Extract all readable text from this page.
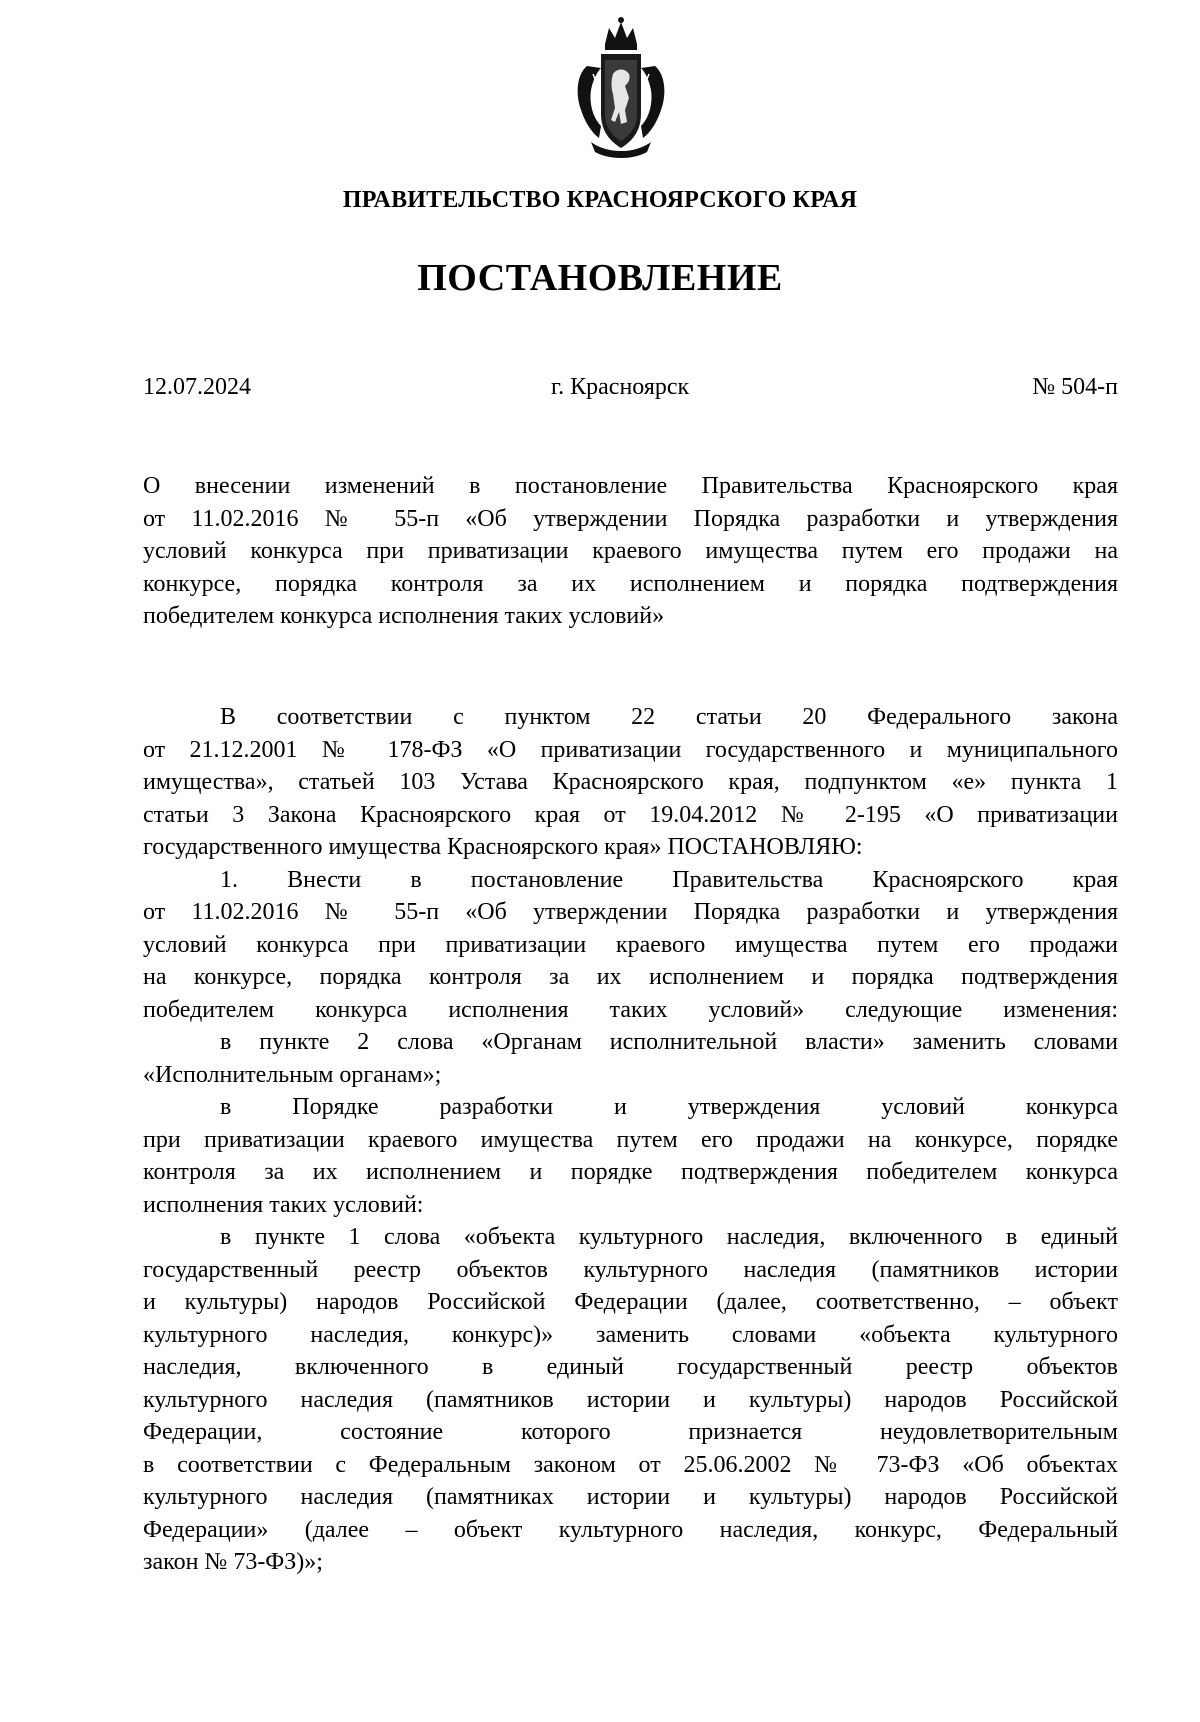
ПРАВИТЕЛЬСТВО КРАСНОЯРСКОГО КРАЯ
ПОСТАНОВЛЕНИЕ
12.07.2024	г. Красноярск	№ 504-п
О внесении изменений в постановление Правительства Красноярского края
от 11.02.2016 № 55-п «Об утверждении Порядка разработки и утверждения
условий конкурса при приватизации краевого имущества путем его продажи на
конкурсе, порядка контроля за их исполнением и порядка подтверждения
победителем конкурса исполнения таких условий»
В соответствии с пунктом 22 статьи 20 Федерального закона
от 21.12.2001 № 178-ФЗ «О приватизации государственного и муниципального
имущества», статьей 103 Устава Красноярского края, подпунктом «е» пункта 1
статьи 3 Закона Красноярского края от 19.04.2012 № 2-195 «О приватизации
государственного имущества Красноярского края» ПОСТАНОВЛЯЮ:
1. Внести в постановление Правительства Красноярского края
от 11.02.2016 № 55-п «Об утверждении Порядка разработки и утверждения
условий конкурса при приватизации краевого имущества путем его продажи
на конкурсе, порядка контроля за их исполнением и порядка подтверждения
победителем конкурса исполнения таких условий» следующие изменения:
в пункте 2 слова «Органам исполнительной власти» заменить словами
«Исполнительным органам»;
в Порядке разработки и утверждения условий конкурса
при приватизации краевого имущества путем его продажи на конкурсе, порядке
контроля за их исполнением и порядке подтверждения победителем конкурса
исполнения таких условий:
в пункте 1 слова «объекта культурного наследия, включенного в единый
государственный реестр объектов культурного наследия (памятников истории
и культуры) народов Российской Федерации (далее, соответственно, – объект
культурного наследия, конкурс)» заменить словами «объекта культурного
наследия, включенного в единый государственный реестр объектов
культурного наследия (памятников истории и культуры) народов Российской
Федерации, состояние которого признается неудовлетворительным
в соответствии с Федеральным законом от 25.06.2002 № 73-ФЗ «Об объектах
культурного наследия (памятниках истории и культуры) народов Российской
Федерации» (далее – объект культурного наследия, конкурс, Федеральный
закон № 73-ФЗ)»;
